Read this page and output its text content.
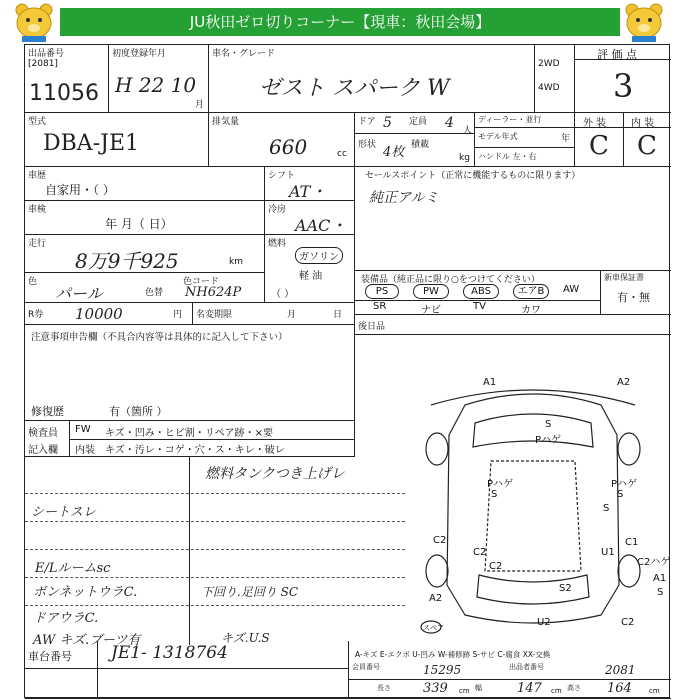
JU秋田ゼロ切りコーナー【現車：秋田会場】
出品番号
[2081]
11056
初度登録年月
H 22 10
月
車名・グレード
ゼスト スパーク W
2WD
4WD
評 価 点
3
型式
DBA-JE1
排気量
660	cc
ドア 5 定員 4 人
形状 4枚 積載
kg
ディーラー・並行
モデル年式	年
ハンドル 左・右
外 装 内 装
C C
車歴
自家用・（ ）
シフト
AT・
車検
年 月（ 日）
冷房
AAC・
走行
8万9千925	km
燃料
ガソリン
軽 油
（ ）
色
パール	色替
色コード
NH624P
R券 10000	円 名変期限	月	日
セールスポイント（正常に機能するものに限ります）
純正アルミ
装備品（純正品に限り○をつけてください）
PS	PW	ABS	エアB	AW
SR	ナビ	TV	カワ
新車保証書
有・無
後日品
注意事項申告欄（不具合内容等は具体的に記入して下さい）
修復歴	有（箇所 ）
検査員
記入欄
FW
内装
キズ・凹み・ヒビ割・リペア跡・×要
キズ・汚レ・コゲ・穴・ス・キレ・破レ
燃料タンクつき上げレ
シートスレ
E/Lルームsc
ボンネットウラC.	下回り.足回り SC
ドアウラC.
AW キズ.ブーツ有	キズ.U.S
A1	A2
S
Pハゲ
S
Pハゲ
S
Pハゲ
S
C2
C2
C2
U1
C1
C2ハゲ
A1
S
A2
S2
U2	C2
スペア
A-キズ E-エクボ U-凹み W-補修跡 S-サビ C-腐食 XX-交換
車台番号 JE1- 1318764
会員番号	15295	出品者番号	2081
長さ 339 cm 幅	147 cm 高さ 164 cm
